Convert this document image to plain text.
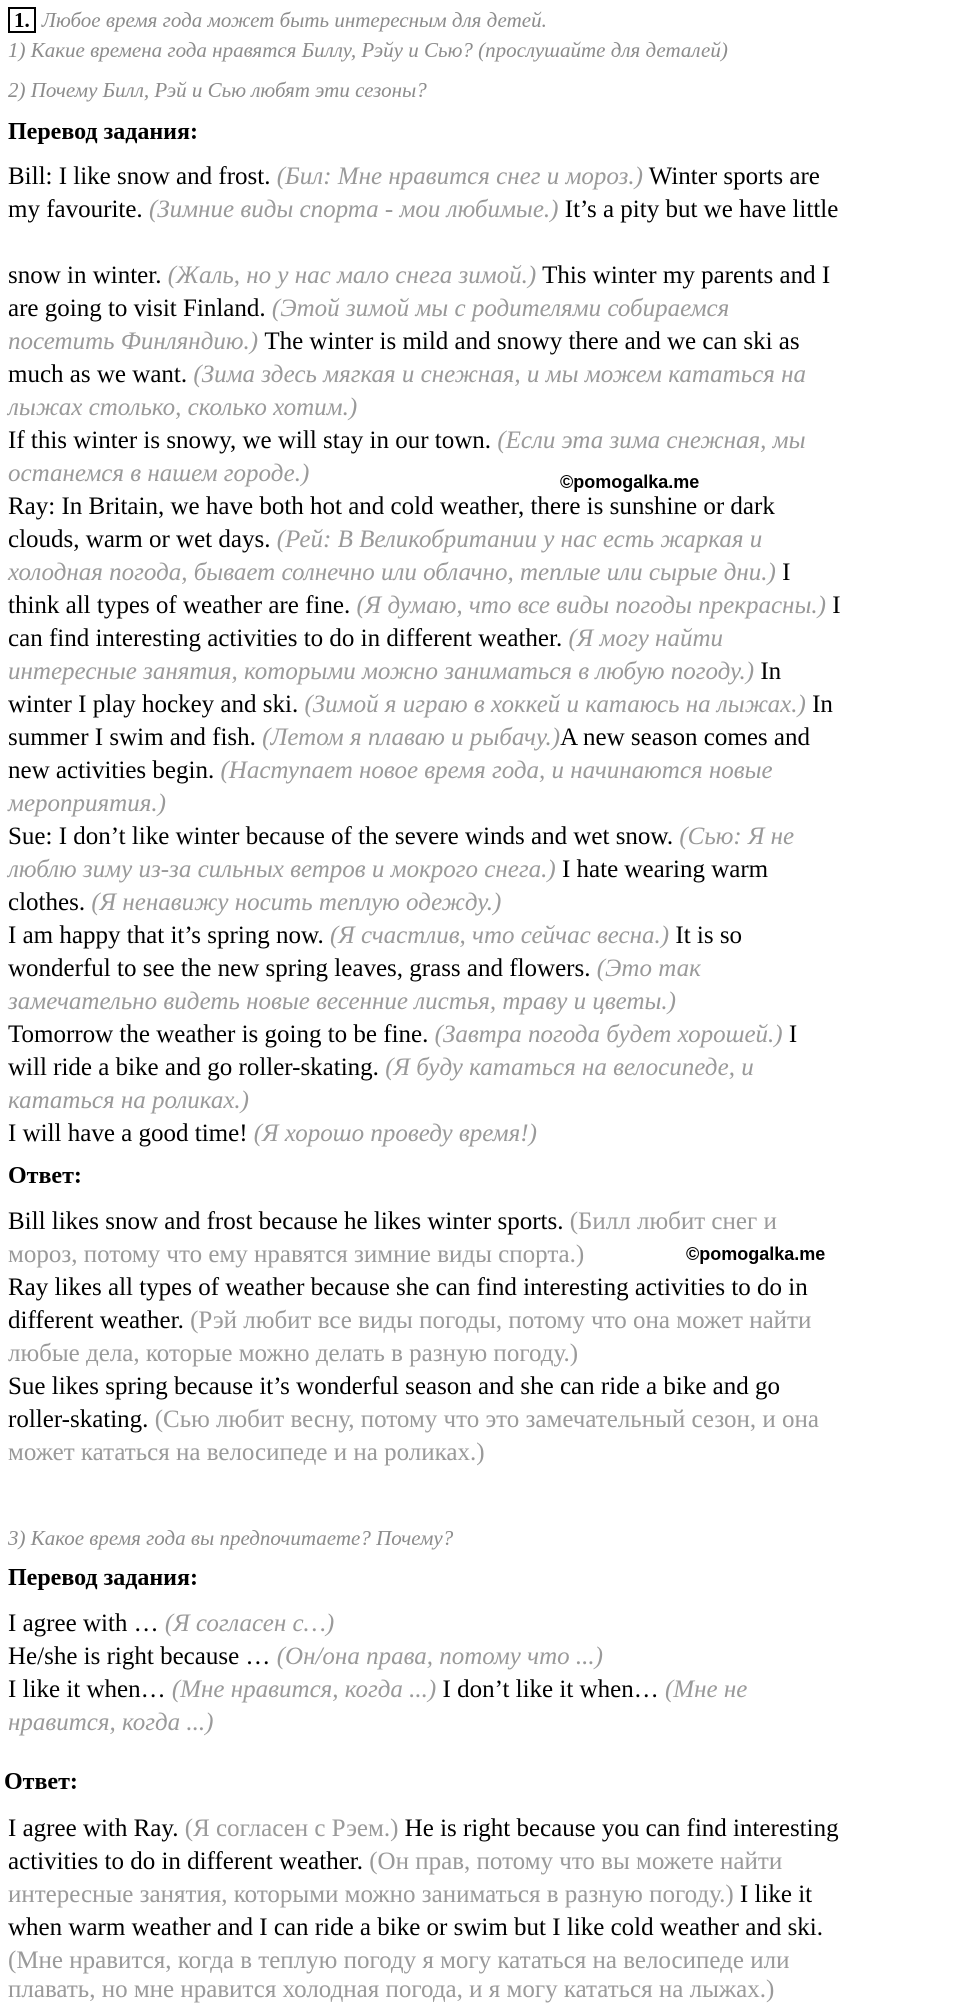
1. Любое время года может быть интересным для детей.
1) Какие времена года нравятся Биллу, Рэйу и Сью? (прослушайте для деталей)
2) Почему Билл, Рэй и Сью любят эти сезоны?
Перевод задания:
Bill: I like snow and frost. (Бил: Мне нравится снег и мороз.) Winter sports are
my favourite. (Зимние виды спорта - мои любимые.) It’s a pity but we have little
snow in winter. (Жаль, но у нас мало снега зимой.) This winter my parents and I
are going to visit Finland. (Этой зимой мы с родителями собираемся
посетить Финляндию.) The winter is mild and snowy there and we can ski as
much as we want. (Зима здесь мягкая и снежная, и мы можем кататься на
лыжах столько, сколько хотим.)
If this winter is snowy, we will stay in our town. (Если эта зима снежная, мы
останемся в нашем городе.)
Ray: In Britain, we have both hot and cold weather, there is sunshine or dark
clouds, warm or wet days. (Рей: В Великобритании у нас есть жаркая и
холодная погода, бывает солнечно или облачно, теплые или сырые дни.) I
think all types of weather are fine. (Я думаю, что все виды погоды прекрасны.) I
can find interesting activities to do in different weather. (Я могу найти
интересные занятия, которыми можно заниматься в любую погоду.) In
winter I play hockey and ski. (Зимой я играю в хоккей и катаюсь на лыжах.) In
summer I swim and fish. (Летом я плаваю и рыбачу.)A new season comes and
new activities begin. (Наступает новое время года, и начинаются новые
мероприятия.)
Sue: I don’t like winter because of the severe winds and wet snow. (Сью: Я не
люблю зиму из-за сильных ветров и мокрого снега.) I hate wearing warm
clothes. (Я ненавижу носить теплую одежду.)
I am happy that it’s spring now. (Я счастлив, что сейчас весна.) It is so
wonderful to see the new spring leaves, grass and flowers. (Это так
замечательно видеть новые весенние листья, траву и цветы.)
Tomorrow the weather is going to be fine. (Завтра погода будет хорошей.) I
will ride a bike and go roller-skating. (Я буду кататься на велосипеде, и
кататься на роликах.)
I will have a good time! (Я хорошо проведу время!)
©pomogalka.me
Ответ:
Bill likes snow and frost because he likes winter sports. (Билл любит снег и
мороз, потому что ему нравятся зимние виды спорта.)
Ray likes all types of weather because she can find interesting activities to do in
different weather. (Рэй любит все виды погоды, потому что она может найти
любые дела, которые можно делать в разную погоду.)
Sue likes spring because it’s wonderful season and she can ride a bike and go
roller-skating. (Сью любит весну, потому что это замечательный сезон, и она
может кататься на велосипеде и на роликах.)
©pomogalka.me
3) Какое время года вы предпочитаете? Почему?
Перевод задания:
I agree with … (Я согласен с…)
He/she is right because … (Он/она права, потому что ...)
I like it when… (Мне нравится, когда ...) I don’t like it when… (Мне не
нравится, когда ...)
Ответ:
I agree with Ray. (Я согласен с Рэем.) He is right because you can find interesting
activities to do in different weather. (Он прав, потому что вы можете найти
интересные занятия, которыми можно заниматься в разную погоду.) I like it
when warm weather and I can ride a bike or swim but I like cold weather and ski.
(Мне нравится, когда в теплую погоду я могу кататься на велосипеде или
плавать, но мне нравится холодная погода, и я могу кататься на лыжах.)
